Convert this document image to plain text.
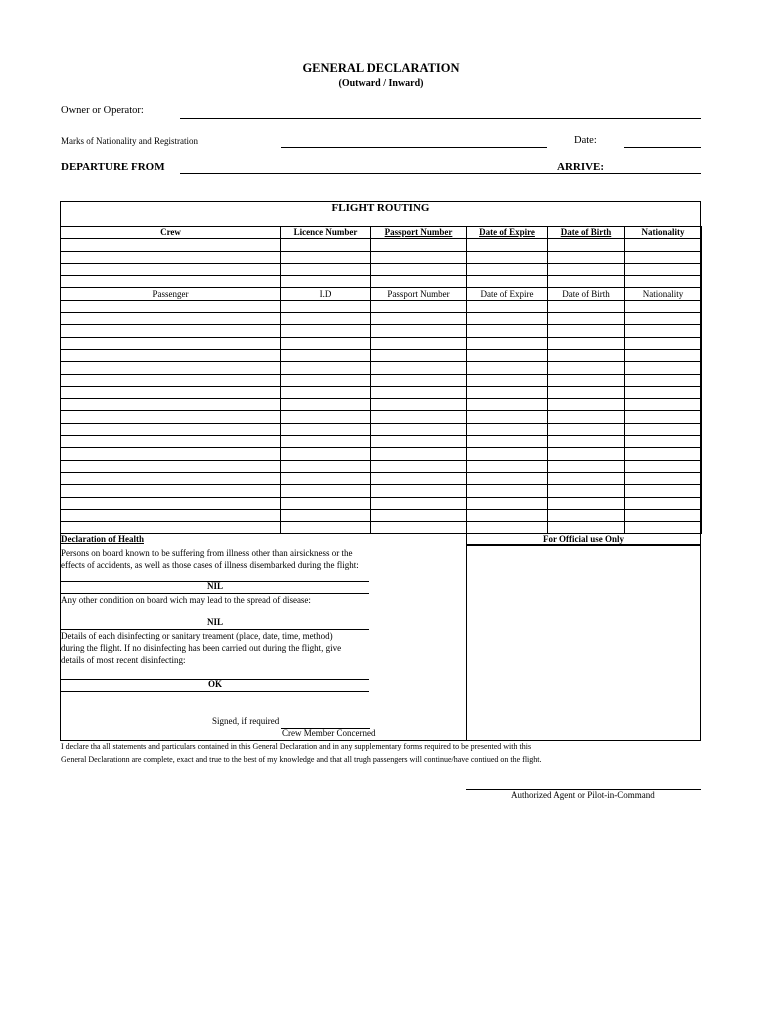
GENERAL DECLARATION
(Outward / Inward)
Owner or Operator:
Marks of Nationality and Registration	Date:
DEPARTURE FROM	ARRIVE:
FLIGHT ROUTING
Crew	Licence Number	Passport Number	Date of Expire	Date of Birth	Nationality

Passenger	I.D	Passport Number	Date of Expire	Date of Birth	Nationality

Declaration of Health
Persons on board known to be suffering from illness other than airsickness or the effects of accidents, as well as those cases of illness disembarked during the flight:
NIL
Any other condition on board wich may lead to the spread of disease:
NIL
Details of each disinfecting or sanitary treament (place, date, time, method) during the flight. If no disinfecting has been carried out during the flight, give details of most recent disinfecting:
OK
Signed, if required
Crew Member Concerned
For Official use Only
I declare tha all statements and particulars contained in this General Declaration and in any supplementary forms required to be presented with this
General Declarationn are complete, exact and true to the best of my knowledge and that all trugh passengers will continue/have contiued on the flight.
Authorized Agent or Pilot-in-Command
